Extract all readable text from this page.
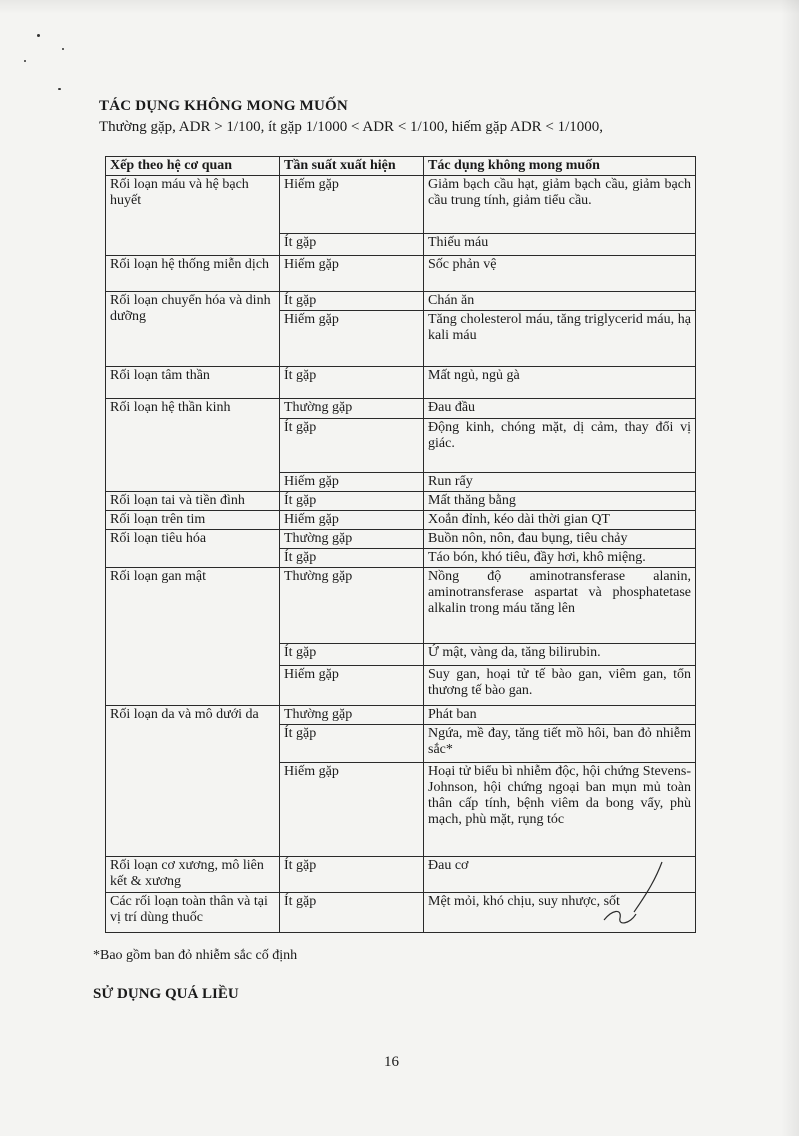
TÁC DỤNG KHÔNG MONG MUỐN

Thường gặp, ADR > 1/100, ít gặp 1/1000 < ADR < 1/100, hiếm gặp ADR < 1/1000,

Xếp theo hệ cơ quan	Tần suất xuất hiện	Tác dụng không mong muốn
Rối loạn máu và hệ bạch huyết	Hiếm gặp	Giảm bạch cầu hạt, giảm bạch cầu, giảm bạch cầu trung tính, giảm tiểu cầu.
	Ít gặp	Thiếu máu
Rối loạn hệ thống miễn dịch	Hiếm gặp	Sốc phản vệ
Rối loạn chuyển hóa và dinh dưỡng	Ít gặp	Chán ăn
	Hiếm gặp	Tăng cholesterol máu, tăng triglycerid máu, hạ kali máu
Rối loạn tâm thần	Ít gặp	Mất ngủ, ngủ gà
Rối loạn hệ thần kinh	Thường gặp	Đau đầu
	Ít gặp	Động kinh, chóng mặt, dị cảm, thay đổi vị giác.
	Hiếm gặp	Run rẩy
Rối loạn tai và tiền đình	Ít gặp	Mất thăng bằng
Rối loạn trên tim	Hiếm gặp	Xoắn đỉnh, kéo dài thời gian QT
Rối loạn tiêu hóa	Thường gặp	Buồn nôn, nôn, đau bụng, tiêu chảy
	Ít gặp	Táo bón, khó tiêu, đầy hơi, khô miệng.
Rối loạn gan mật	Thường gặp	Nồng độ aminotransferase alanin, aminotransferase aspartat và phosphatetase alkalin trong máu tăng lên
	Ít gặp	Ứ mật, vàng da, tăng bilirubin.
	Hiếm gặp	Suy gan, hoại tử tế bào gan, viêm gan, tổn thương tế bào gan.
Rối loạn da và mô dưới da	Thường gặp	Phát ban
	Ít gặp	Ngứa, mề đay, tăng tiết mồ hôi, ban đỏ nhiễm sắc*
	Hiếm gặp	Hoại tử biểu bì nhiễm độc, hội chứng Stevens-Johnson, hội chứng ngoại ban mụn mủ toàn thân cấp tính, bệnh viêm da bong vẩy, phù mạch, phù mặt, rụng tóc
Rối loạn cơ xương, mô liên kết & xương	Ít gặp	Đau cơ
Các rối loạn toàn thân và tại vị trí dùng thuốc	Ít gặp	Mệt mỏi, khó chịu, suy nhược, sốt
*Bao gồm ban đỏ nhiễm sắc cố định
SỬ DỤNG QUÁ LIỀU
16
